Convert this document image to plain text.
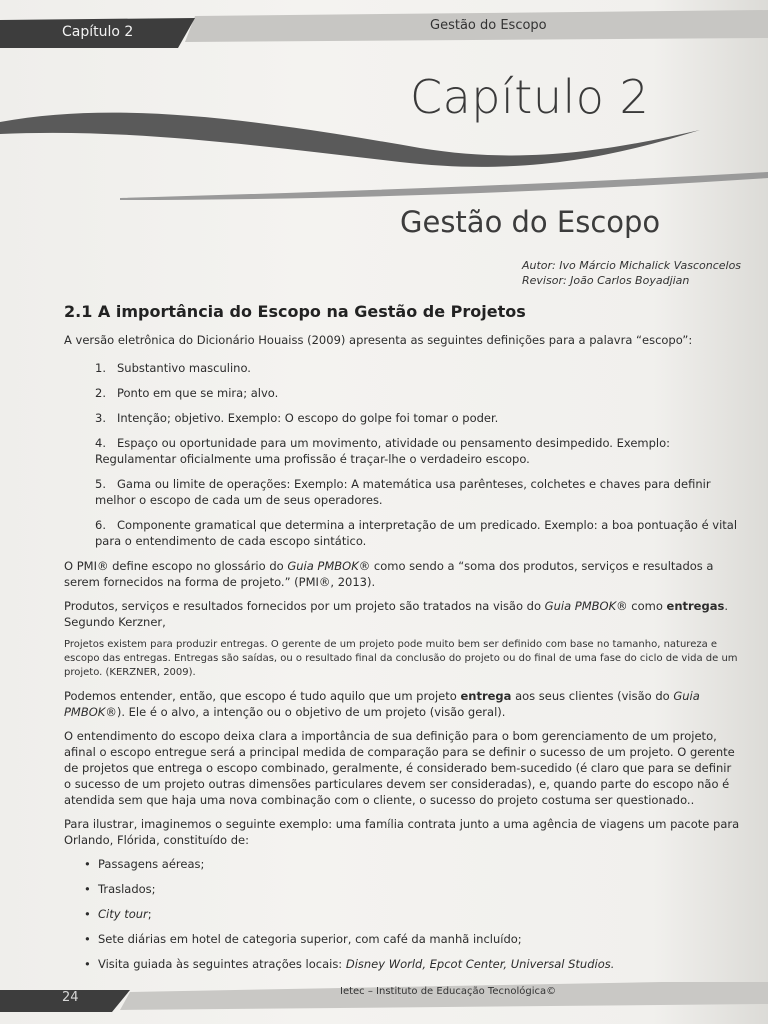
Capítulo 2	Gestão do Escopo
Capítulo 2
Gestão do Escopo
Autor: Ivo Márcio Michalick Vasconcelos
Revisor: João Carlos Boyadjian
2.1 A importância do Escopo na Gestão de Projetos

A versão eletrônica do Dicionário Houaiss (2009) apresenta as seguintes definições para a palavra “escopo”:

1. Substantivo masculino.
2. Ponto em que se mira; alvo.
3. Intenção; objetivo. Exemplo: O escopo do golpe foi tomar o poder.
4. Espaço ou oportunidade para um movimento, atividade ou pensamento desimpedido. Exemplo: Regulamentar oficialmente uma profissão é traçar-lhe o verdadeiro escopo.
5. Gama ou limite de operações: Exemplo: A matemática usa parênteses, colchetes e chaves para definir melhor o escopo de cada um de seus operadores.
6. Componente gramatical que determina a interpretação de um predicado. Exemplo: a boa pontuação é vital para o entendimento de cada escopo sintático.

O PMI® define escopo no glossário do Guia PMBOK® como sendo a “soma dos produtos, serviços e resultados a serem fornecidos na forma de projeto.” (PMI®, 2013).

Produtos, serviços e resultados fornecidos por um projeto são tratados na visão do Guia PMBOK® como entregas. Segundo Kerzner,

Projetos existem para produzir entregas. O gerente de um projeto pode muito bem ser definido com base no tamanho, natureza e escopo das entregas. Entregas são saídas, ou o resultado final da conclusão do projeto ou do final de uma fase do ciclo de vida de um projeto. (KERZNER, 2009).

Podemos entender, então, que escopo é tudo aquilo que um projeto entrega aos seus clientes (visão do Guia PMBOK®). Ele é o alvo, a intenção ou o objetivo de um projeto (visão geral).

O entendimento do escopo deixa clara a importância de sua definição para o bom gerenciamento de um projeto, afinal o escopo entregue será a principal medida de comparação para se definir o sucesso de um projeto. O gerente de projetos que entrega o escopo combinado, geralmente, é considerado bem-sucedido (é claro que para se definir o sucesso de um projeto outras dimensões particulares devem ser consideradas), e, quando parte do escopo não é atendida sem que haja uma nova combinação com o cliente, o sucesso do projeto costuma ser questionado..

Para ilustrar, imaginemos o seguinte exemplo: uma família contrata junto a uma agência de viagens um pacote para Orlando, Flórida, constituído de:

• Passagens aéreas;
• Traslados;
• City tour;
• Sete diárias em hotel de categoria superior, com café da manhã incluído;
• Visita guiada às seguintes atrações locais: Disney World, Epcot Center, Universal Studios.
24	Ietec – Instituto de Educação Tecnológica©
